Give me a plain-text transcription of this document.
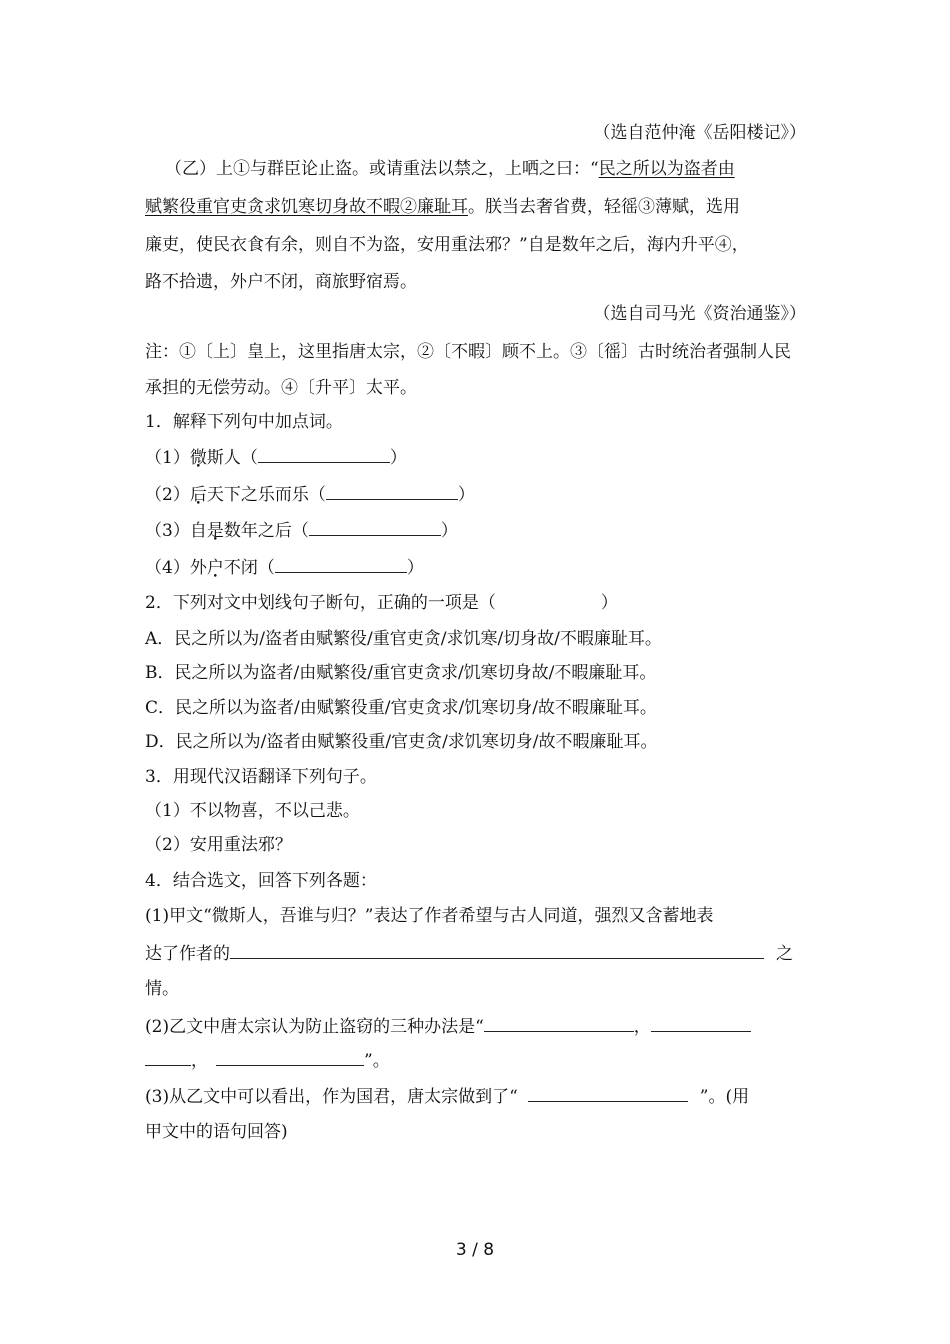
（选自范仲淹《岳阳楼记》）
（乙）上①与群臣论止盗。或请重法以禁之，上哂之曰：“民之所以为盗者由
赋繁役重官吏贪求饥寒切身故不暇②廉耻耳。朕当去奢省费，轻徭③薄赋，选用
廉吏，使民衣食有余，则自不为盗，安用重法邪？”自是数年之后，海内升平④，
路不拾遗，外户不闭，商旅野宿焉。
（选自司马光《资治通鉴》）
注：①〔上〕皇上，这里指唐太宗，②〔不暇〕顾不上。③〔徭〕古时统治者强制人民
承担的无偿劳动。④〔升平〕太平。
1．解释下列句中加点词。
（1）微斯人（	）
（2）后天下之乐而乐（	）
（3）自是数年之后（	）
（4）外户不闭（	）
2．下列对文中划线句子断句，正确的一项是（	）
A．民之所以为/盗者由赋繁役/重官吏贪/求饥寒/切身故/不暇廉耻耳。
B．民之所以为盗者/由赋繁役/重官吏贪求/饥寒切身故/不暇廉耻耳。
C．民之所以为盗者/由赋繁役重/官吏贪求/饥寒切身/故不暇廉耻耳。
D．民之所以为/盗者由赋繁役重/官吏贪/求饥寒切身/故不暇廉耻耳。
3．用现代汉语翻译下列句子。
（1）不以物喜，不以己悲。
（2）安用重法邪？
4．结合选文，回答下列各题：
(1)甲文“微斯人，吾谁与归？”表达了作者希望与古人同道，强烈又含蓄地表
达了作者的	之
情。
(2)乙文中唐太宗认为防止盗窃的三种办法是“	，
，	”。
(3)从乙文中可以看出，作为国君，唐太宗做到了“	”。(用
甲文中的语句回答)
3 / 8
